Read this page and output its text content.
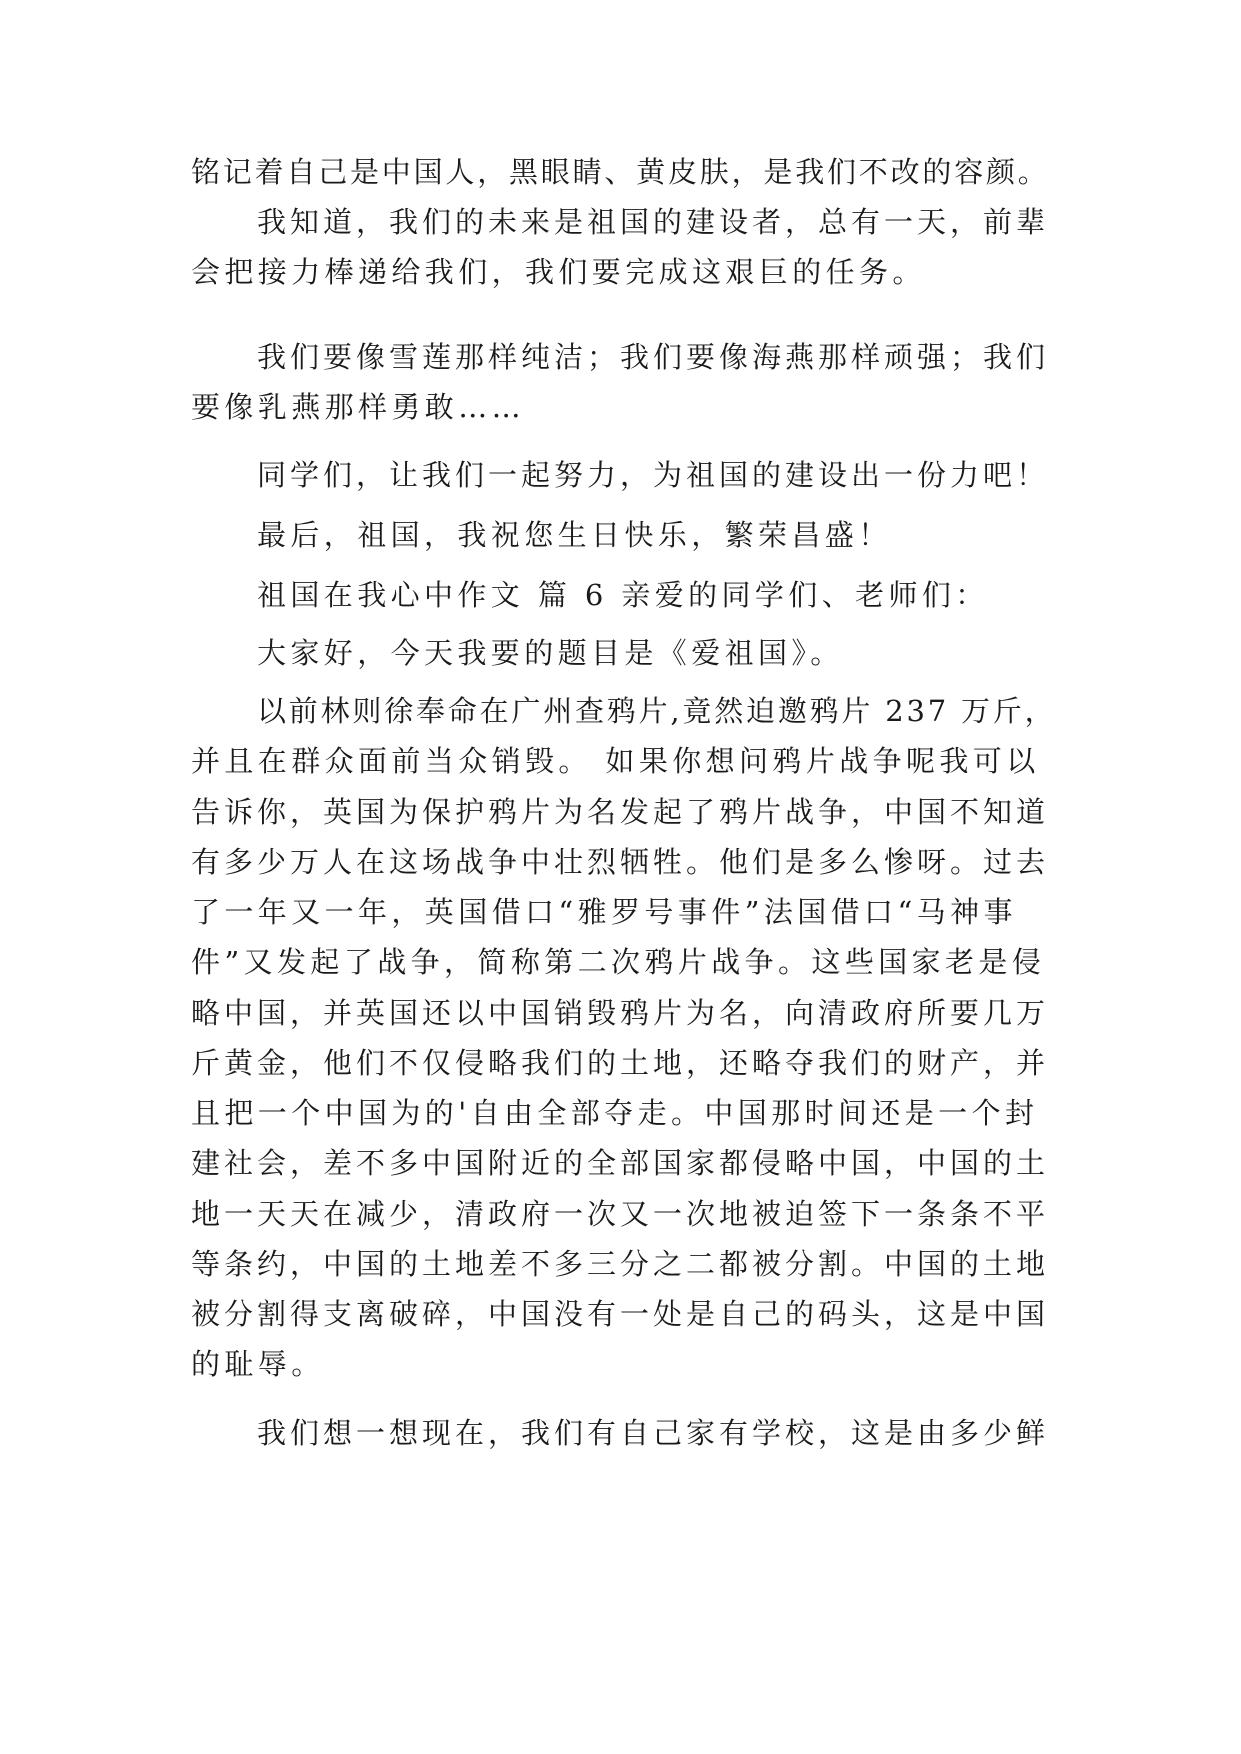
铭记着自己是中国人，黑眼睛、黄皮肤，是我们不改的容颜。
我知道，我们的未来是祖国的建设者，总有一天，前辈
会把接力棒递给我们，我们要完成这艰巨的任务。
我们要像雪莲那样纯洁；我们要像海燕那样顽强；我们
要像乳燕那样勇敢……
同学们，让我们一起努力，为祖国的建设出一份力吧！
最后，祖国，我祝您生日快乐，繁荣昌盛！
祖国在我心中作文 篇 6 亲爱的同学们、老师们：
大家好，今天我要的题目是《爱祖国》。
以前林则徐奉命在广州查鸦片,竟然迫邀鸦片 237 万斤，
并且在群众面前当众销毁。 如果你想问鸦片战争呢我可以
告诉你，英国为保护鸦片为名发起了鸦片战争，中国不知道
有多少万人在这场战争中壮烈牺牲。他们是多么惨呀。过去
了一年又一年，英国借口“雅罗号事件”法国借口“马神事
件”又发起了战争，简称第二次鸦片战争。这些国家老是侵
略中国，并英国还以中国销毁鸦片为名，向清政府所要几万
斤黄金，他们不仅侵略我们的土地，还略夺我们的财产，并
且把一个中国为的'自由全部夺走。中国那时间还是一个封
建社会，差不多中国附近的全部国家都侵略中国，中国的土
地一天天在减少，清政府一次又一次地被迫签下一条条不平
等条约，中国的土地差不多三分之二都被分割。中国的土地
被分割得支离破碎，中国没有一处是自己的码头，这是中国
的耻辱。
我们想一想现在，我们有自己家有学校，这是由多少鲜
